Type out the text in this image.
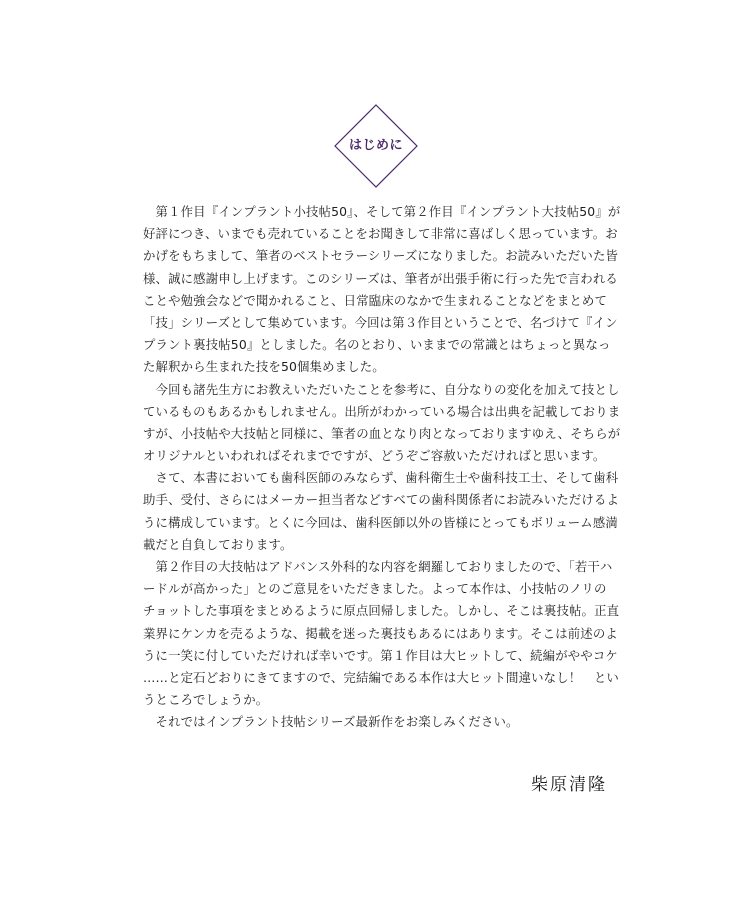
はじめに
　第１作目『インプラント小技帖50』、そして第２作目『インプラント大技帖50』が
好評につき、いまでも売れていることをお聞きして非常に喜ばしく思っています。お
かげをもちまして、筆者のベストセラーシリーズになりました。お読みいただいた皆
様、誠に感謝申し上げます。このシリーズは、筆者が出張手術に行った先で言われる
ことや勉強会などで聞かれること、日常臨床のなかで生まれることなどをまとめて
「技」シリーズとして集めています。今回は第３作目ということで、名づけて『イン
プラント裏技帖50』としました。名のとおり、いままでの常識とはちょっと異なっ
た解釈から生まれた技を50個集めました。
　今回も諸先生方にお教えいただいたことを参考に、自分なりの変化を加えて技とし
ているものもあるかもしれません。出所がわかっている場合は出典を記載しておりま
すが、小技帖や大技帖と同様に、筆者の血となり肉となっておりますゆえ、そちらが
オリジナルといわれればそれまでですが、どうぞご容赦いただければと思います。
　さて、本書においても歯科医師のみならず、歯科衛生士や歯科技工士、そして歯科
助手、受付、さらにはメーカー担当者などすべての歯科関係者にお読みいただけるよ
うに構成しています。とくに今回は、歯科医師以外の皆様にとってもボリューム感満
載だと自負しております。
　第２作目の大技帖はアドバンス外科的な内容を網羅しておりましたので、「若干ハ
ードルが高かった」とのご意見をいただきました。よって本作は、小技帖のノリの
チョットした事項をまとめるように原点回帰しました。しかし、そこは裏技帖。正直
業界にケンカを売るような、掲載を迷った裏技もあるにはあります。そこは前述のよ
うに一笑に付していただければ幸いです。第１作目は大ヒットして、続編がややコケ
……と定石どおりにきてますので、完結編である本作は大ヒット間違いなし！　とい
うところでしょうか。
　それではインプラント技帖シリーズ最新作をお楽しみください。
柴原清隆
